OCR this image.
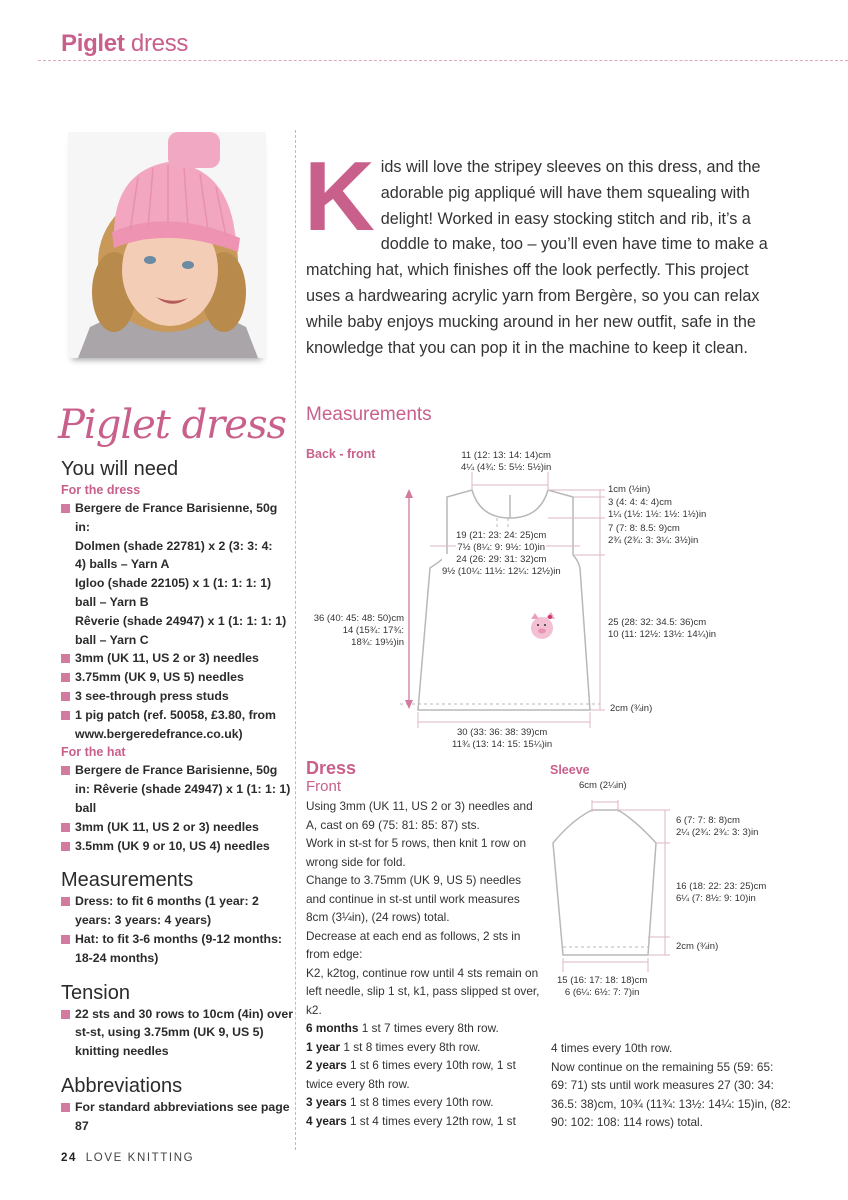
Piglet dress
Kids will love the stripey sleeves on this dress, and the adorable pig appliqué will have them squealing with delight! Worked in easy stocking stitch and rib, it’s a doddle to make, too – you’ll even have time to make a matching hat, which finishes off the look perfectly. This project uses a hardwearing acrylic yarn from Bergère, so you can relax while baby enjoys mucking around in her new outfit, safe in the knowledge that you can pop it in the machine to keep it clean.
Piglet dress
You will need
For the dress
Bergere de France Barisienne, 50g in:
Dolmen (shade 22781) x 2 (3: 3: 4:
4) balls – Yarn A
Igloo (shade 22105) x 1 (1: 1: 1: 1)
ball – Yarn B
Rêverie (shade 24947) x 1 (1: 1: 1: 1)
ball – Yarn C
3mm (UK 11, US 2 or 3) needles
3.75mm (UK 9, US 5) needles
3 see-through press studs
1 pig patch (ref. 50058, £3.80, from www.bergeredefrance.co.uk)
For the hat
Bergere de France Barisienne, 50g in: Rêverie (shade 24947) x 1 (1: 1: 1) ball
3mm (UK 11, US 2 or 3) needles
3.5mm (UK 9 or 10, US 4) needles
Measurements
Dress: to fit 6 months (1 year: 2 years: 3 years: 4 years)
Hat: to fit 3-6 months (9-12 months: 18-24 months)
Tension
22 sts and 30 rows to 10cm (4in) over st-st, using 3.75mm (UK 9, US 5) knitting needles
Abbreviations
For standard abbreviations see page 87
Measurements
Back - front	11 (12: 13: 14: 14)cm
4¼ (4¾: 5: 5½: 5½)in
1cm (½in)
3 (4: 4: 4: 4)cm
1¼ (1½: 1½: 1½: 1½)in
7 (7: 8: 8.5: 9)cm
2¾ (2¾: 3: 3¼: 3½)in
19 (21: 23: 24: 25)cm
7½ (8¼: 9: 9½: 10)in
24 (26: 29: 31: 32)cm
9½ (10¼: 11½: 12¼: 12½)in
36 (40: 45: 48: 50)cm
14 (15¾: 17¾:
18¾: 19½)in
25 (28: 32: 34.5: 36)cm
10 (11: 12½: 13½: 14¼)in
2cm (¾in)
30 (33: 36: 38: 39)cm
11¾ (13: 14: 15: 15¼)in
Sleeve
6cm (2¼in)
6 (7: 7: 8: 8)cm
2¼ (2¾: 2¾: 3: 3)in
16 (18: 22: 23: 25)cm
6¼ (7: 8½: 9: 10)in
2cm (¾in)
15 (16: 17: 18: 18)cm
6 (6¼: 6½: 7: 7)in
Dress
Front

Using 3mm (UK 11, US 2 or 3) needles and A, cast on 69 (75: 81: 85: 87) sts.

Work in st-st for 5 rows, then knit 1 row on wrong side for fold.

Change to 3.75mm (UK 9, US 5) needles and continue in st-st until work measures 8cm (3¼in), (24 rows) total.

Decrease at each end as follows, 2 sts in from edge:

K2, k2tog, continue row until 4 sts remain on left needle, slip 1 st, k1, pass slipped st over, k2.

6 months 1 st 7 times every 8th row.

1 year 1 st 8 times every 8th row.

2 years 1 st 6 times every 10th row, 1 st twice every 8th row.

3 years 1 st 8 times every 10th row.

4 years 1 st 4 times every 12th row, 1 st

4 times every 10th row.

Now continue on the remaining 55 (59: 65: 69: 71) sts until work measures 27 (30: 34: 36.5: 38)cm, 10¾ (11¾: 13½: 14¼: 15)in, (82: 90: 102: 108: 114 rows) total.

24 LOVE KNITTING
